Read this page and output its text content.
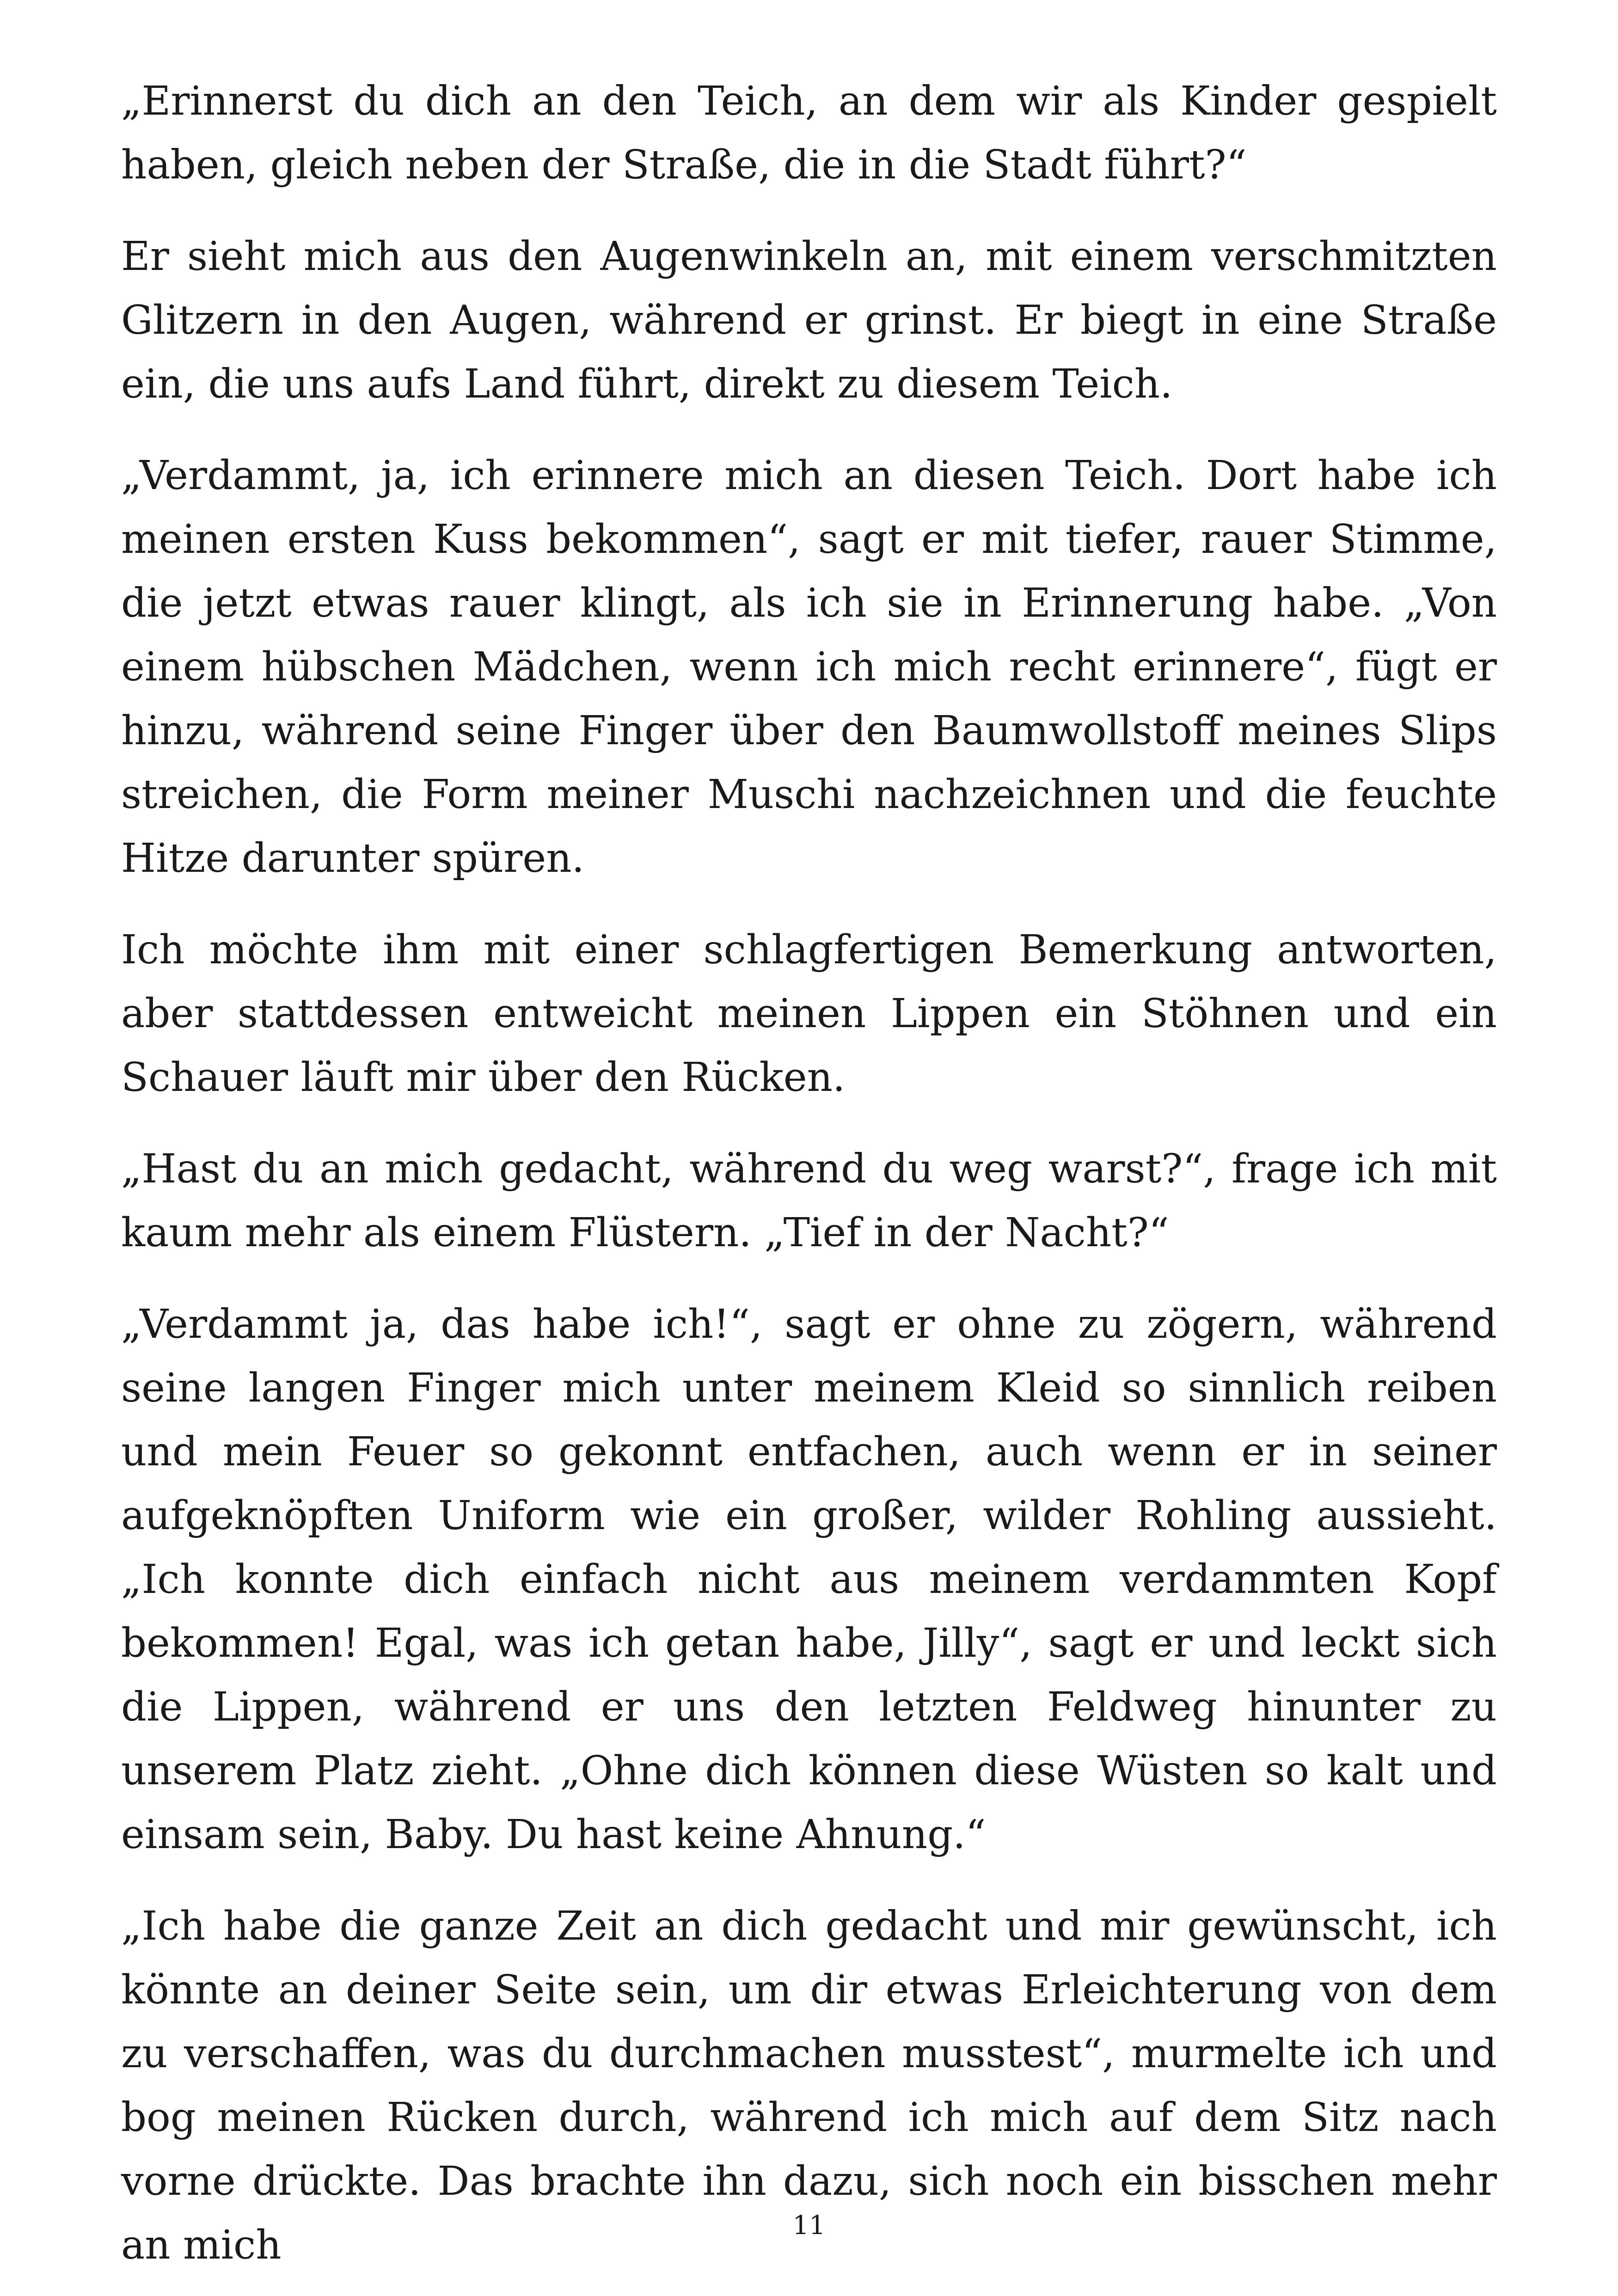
„Erinnerst du dich an den Teich, an dem wir als Kinder gespielt haben, gleich neben der Straße, die in die Stadt führt?“

Er sieht mich aus den Augenwinkeln an, mit einem verschmitzten Glitzern in den Augen, während er grinst. Er biegt in eine Straße ein, die uns aufs Land führt, direkt zu diesem Teich.

„Verdammt, ja, ich erinnere mich an diesen Teich. Dort habe ich meinen ersten Kuss bekommen“, sagt er mit tiefer, rauer Stimme, die jetzt etwas rauer klingt, als ich sie in Erinnerung habe. „Von einem hübschen Mädchen, wenn ich mich recht erinnere“, fügt er hinzu, während seine Finger über den Baumwollstoff meines Slips streichen, die Form meiner Muschi nachzeichnen und die feuchte Hitze darunter spüren.

Ich möchte ihm mit einer schlagfertigen Bemerkung antworten, aber stattdessen entweicht meinen Lippen ein Stöhnen und ein Schauer läuft mir über den Rücken.

„Hast du an mich gedacht, während du weg warst?“, frage ich mit kaum mehr als einem Flüstern. „Tief in der Nacht?“

„Verdammt ja, das habe ich!“, sagt er ohne zu zögern, während seine langen Finger mich unter meinem Kleid so sinnlich reiben und mein Feuer so gekonnt entfachen, auch wenn er in seiner aufgeknöpften Uniform wie ein großer, wilder Rohling aussieht. „Ich konnte dich einfach nicht aus meinem verdammten Kopf bekommen! Egal, was ich getan habe, Jilly“, sagt er und leckt sich die Lippen, während er uns den letzten Feldweg hinunter zu unserem Platz zieht. „Ohne dich können diese Wüsten so kalt und einsam sein, Baby. Du hast keine Ahnung.“

„Ich habe die ganze Zeit an dich gedacht und mir gewünscht, ich könnte an deiner Seite sein, um dir etwas Erleichterung von dem zu verschaffen, was du durchmachen musstest“, murmelte ich und bog meinen Rücken durch, während ich mich auf dem Sitz nach vorne drückte. Das brachte ihn dazu, sich noch ein bisschen mehr an mich	11
